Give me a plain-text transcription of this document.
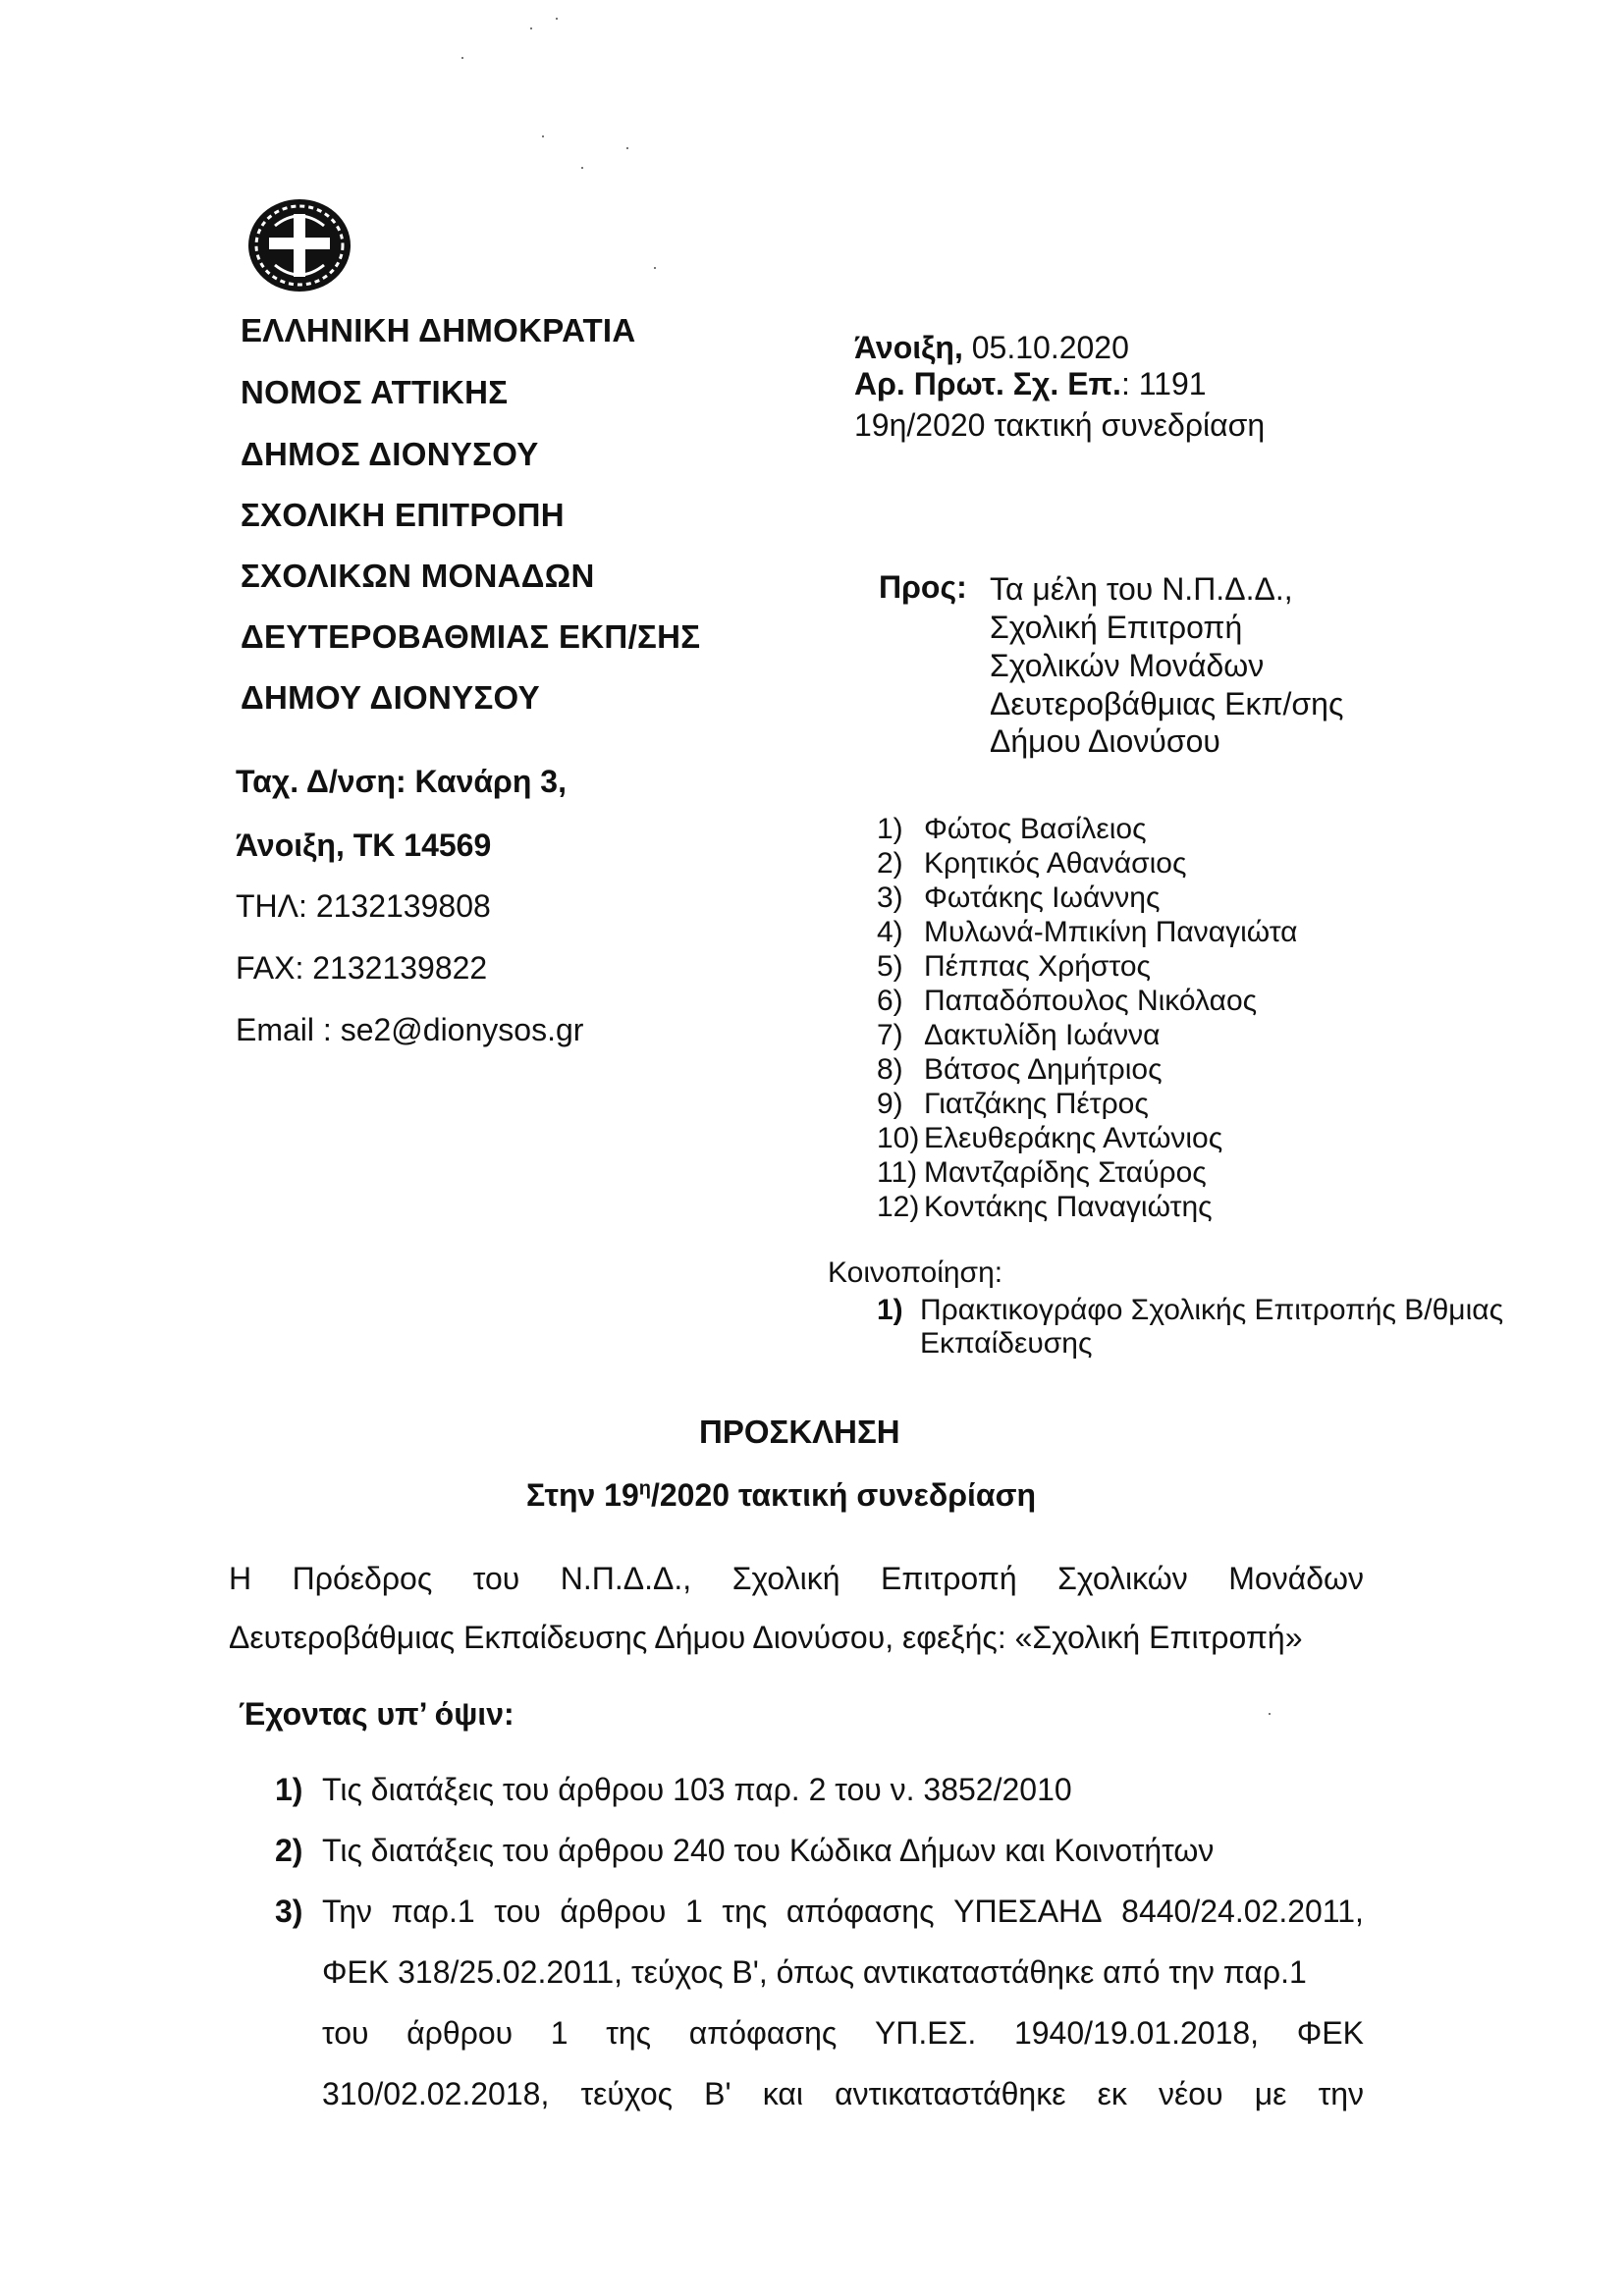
ΕΛΛΗΝΙΚΗ ΔΗΜΟΚΡΑΤΙΑ
ΝΟΜΟΣ ΑΤΤΙΚΗΣ
ΔΗΜΟΣ ΔΙΟΝΥΣΟΥ
ΣΧΟΛΙΚΗ ΕΠΙΤΡΟΠΗ
ΣΧΟΛΙΚΩΝ ΜΟΝΑΔΩΝ
ΔΕΥΤΕΡΟΒΑΘΜΙΑΣ ΕΚΠ/ΣΗΣ
ΔΗΜΟΥ ΔΙΟΝΥΣΟΥ
Ταχ. Δ/νση: Κανάρη 3,
Άνοιξη, ΤΚ 14569
ΤΗΛ: 2132139808
FAX: 2132139822
Email : se2@dionysos.gr
Άνοιξη, 05.10.2020
Αρ. Πρωτ. Σχ. Επ.: 1191
19η/2020 τακτική συνεδρίαση
Προς: Τα μέλη του Ν.Π.Δ.Δ.,
Σχολική Επιτροπή
Σχολικών Μονάδων
Δευτεροβάθμιας Εκπ/σης
Δήμου Διονύσου
1) Φώτος Βασίλειος
2) Κρητικός Αθανάσιος
3) Φωτάκης Ιωάννης
4) Μυλωνά-Μπικίνη Παναγιώτα
5) Πέππας Χρήστος
6) Παπαδόπουλος Νικόλαος
7) Δακτυλίδη Ιωάννα
8) Βάτσος Δημήτριος
9) Γιατζάκης Πέτρος
10) Ελευθεράκης Αντώνιος
11) Μαντζαρίδης Σταύρος
12) Κοντάκης Παναγιώτης
Κοινοποίηση:
1) Πρακτικογράφο Σχολικής Επιτροπής Β/θμιας
Εκπαίδευσης
ΠΡΟΣΚΛΗΣΗ
Στην $19^\eta/2020$ τακτική συνεδρίαση
Η Πρόεδρος του Ν.Π.Δ.Δ., Σχολική Επιτροπή Σχολικών Μονάδων
Δευτεροβάθμιας Εκπαίδευσης Δήμου Διονύσου, εφεξής: «Σχολική Επιτροπή»
Έχοντας υπ’ όψιν:
1) Τις διατάξεις του άρθρου 103 παρ. 2 του ν. 3852/2010
2) Τις διατάξεις του άρθρου 240 του Κώδικα Δήμων και Κοινοτήτων
3) Την παρ.1 του άρθρου 1 της απόφασης ΥΠΕΣΑΗΔ 8440/24.02.2011,
ΦΕΚ 318/25.02.2011, τεύχος Β', όπως αντικαταστάθηκε από την παρ.1
του άρθρου 1 της απόφασης ΥΠ.ΕΣ. 1940/19.01.2018, ΦΕΚ
310/02.02.2018, τεύχος Β' και αντικαταστάθηκε εκ νέου με την
